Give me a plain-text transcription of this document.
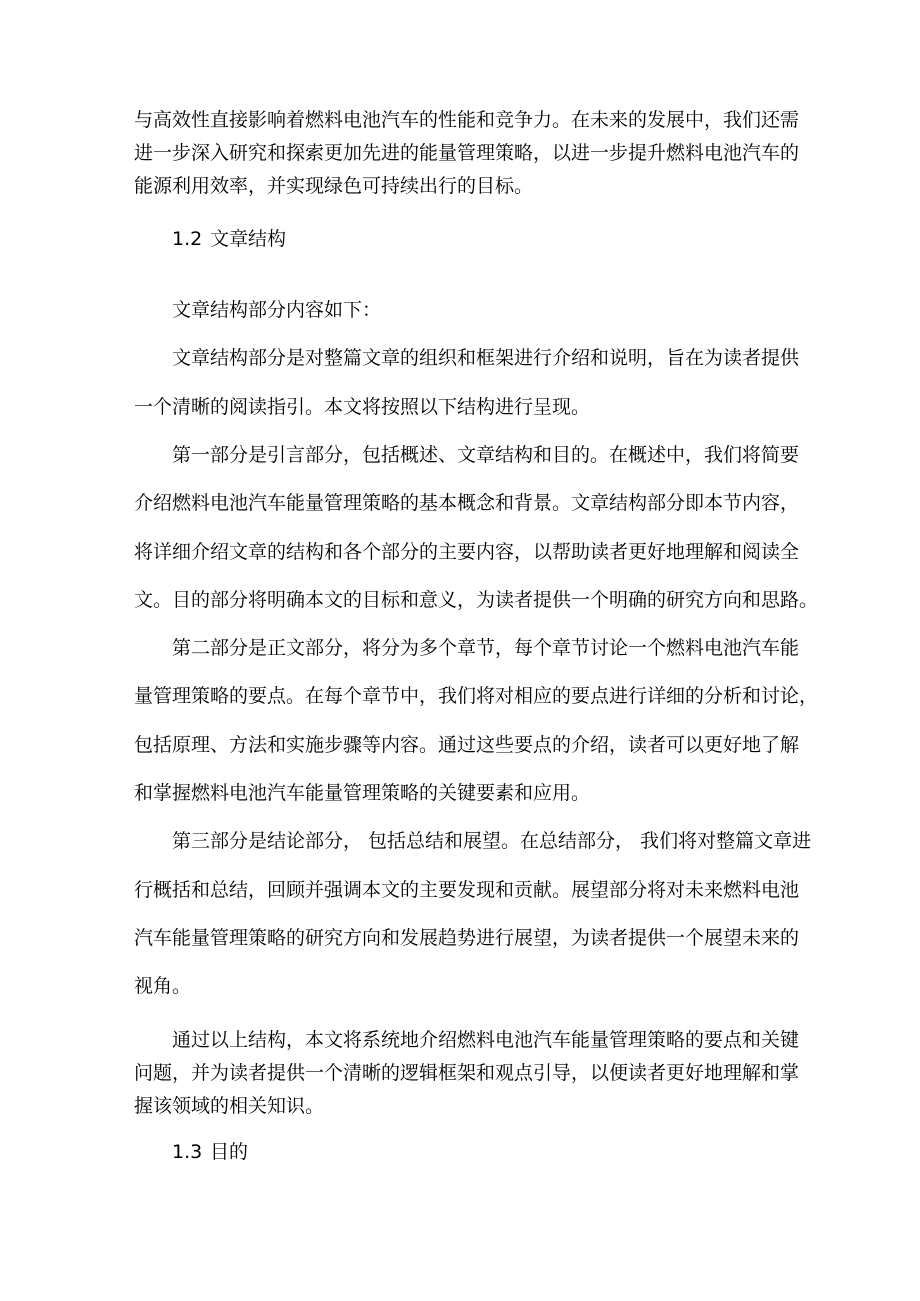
与高效性直接影响着燃料电池汽车的性能和竞争力。在未来的发展中，我们还需
进一步深入研究和探索更加先进的能量管理策略，以进一步提升燃料电池汽车的
能源利用效率，并实现绿色可持续出行的目标。
1.2 文章结构
文章结构部分内容如下：
文章结构部分是对整篇文章的组织和框架进行介绍和说明，旨在为读者提供
一个清晰的阅读指引。本文将按照以下结构进行呈现。
第一部分是引言部分，包括概述、文章结构和目的。在概述中，我们将简要
介绍燃料电池汽车能量管理策略的基本概念和背景。文章结构部分即本节内容，
将详细介绍文章的结构和各个部分的主要内容，以帮助读者更好地理解和阅读全
文。目的部分将明确本文的目标和意义，为读者提供一个明确的研究方向和思路。
第二部分是正文部分，将分为多个章节，每个章节讨论一个燃料电池汽车能
量管理策略的要点。在每个章节中，我们将对相应的要点进行详细的分析和讨论，
包括原理、方法和实施步骤等内容。通过这些要点的介绍，读者可以更好地了解
和掌握燃料电池汽车能量管理策略的关键要素和应用。
第三部分是结论部分， 包括总结和展望。在总结部分， 我们将对整篇文章进
行概括和总结，回顾并强调本文的主要发现和贡献。展望部分将对未来燃料电池
汽车能量管理策略的研究方向和发展趋势进行展望，为读者提供一个展望未来的
视角。
通过以上结构，本文将系统地介绍燃料电池汽车能量管理策略的要点和关键
问题，并为读者提供一个清晰的逻辑框架和观点引导，以便读者更好地理解和掌
握该领域的相关知识。
1.3 目的
